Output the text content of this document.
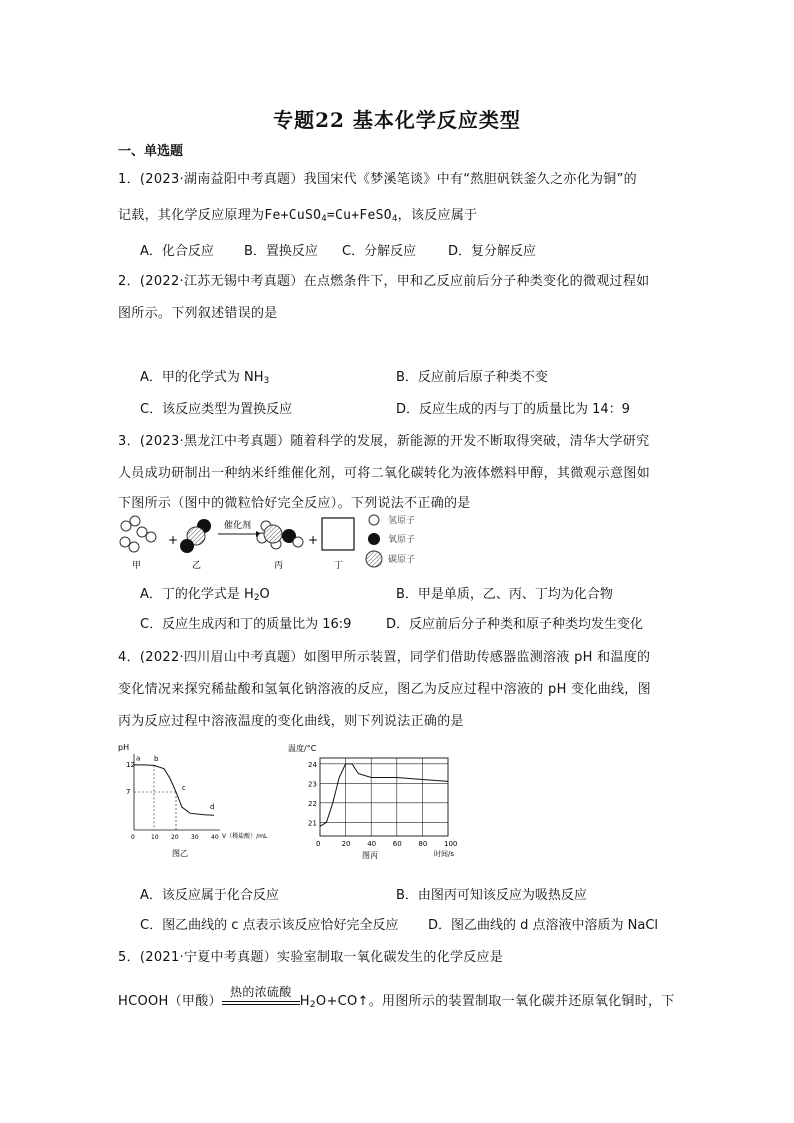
专题22 基本化学反应类型
一、单选题
1．(2023·湖南益阳中考真题）我国宋代《梦溪笔谈》中有“熬胆矾铁釜久之亦化为铜”的
记载，其化学反应原理为Fe+CuSO$_4$=Cu+FeSO$_4$，该反应属于
A．化合反应 B．置换反应 C．分解反应 D．复分解反应
2．(2022·江苏无锡中考真题）在点燃条件下，甲和乙反应前后分子种类变化的微观过程如
图所示。下列叙述错误的是
A．甲的化学式为 $NH_3$	B．反应前后原子种类不变
C．该反应类型为置换反应	D．反应生成的丙与丁的质量比为 14：9
3．(2023·黑龙江中考真题）随着科学的发展，新能源的开发不断取得突破，清华大学研究
人员成功研制出一种纳米纤维催化剂，可将二氧化碳转化为液体燃料甲醇，其微观示意图如
下图所示（图中的微粒恰好完全反应）。下列说法不正确的是
+
催化剂
+
氢原子
氧原子
碳原子
甲	乙	丙	丁
A．丁的化学式是 $H_2O$	B．甲是单质，乙、丙、丁均为化合物
C．反应生成丙和丁的质量比为 16:9	D．反应前后分子种类和原子种类均发生变化
4．(2022·四川眉山中考真题）如图甲所示装置，同学们借助传感器监测溶液 pH 和温度的
变化情况来探究稀盐酸和氢氧化钠溶液的反应，图乙为反应过程中溶液的 pH 变化曲线，图
丙为反应过程中溶液温度的变化曲线，则下列说法正确的是
pH
0	10 20 30 40
7
12
a b
c
d
V（稀盐酸）/mL
图乙
温度/°C
0	20 40 60 80 100
21
22
23
24
图丙	时间/s
A．该反应属于化合反应	B．由图丙可知该反应为吸热反应
C．图乙曲线的 c 点表示该反应恰好完全反应 D．图乙曲线的 d 点溶液中溶质为 NaCl
5．(2021·宁夏中考真题）实验室制取一氧化碳发生的化学反应是
HCOOH（甲酸）
热的浓硫酸
$H_2O+CO↑$。用图所示的装置制取一氧化碳并还原氧化铜时，下
